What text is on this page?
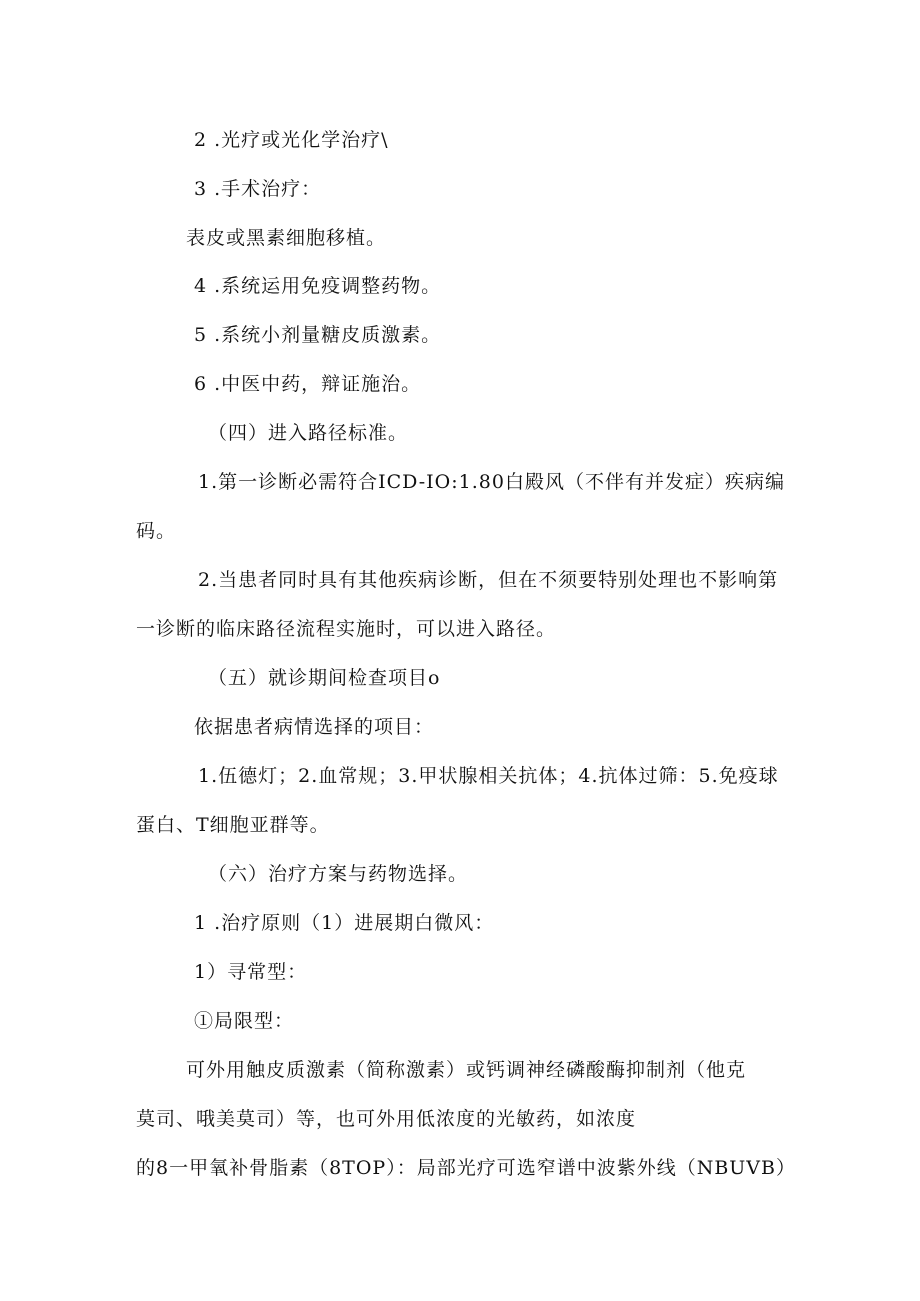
2 .光疗或光化学治疗\
3 .手术治疗：
表皮或黑素细胞移植。
4 .系统运用免疫调整药物。
5 .系统小剂量糖皮质激素。
6 .中医中药，辩证施治。
（四）进入路径标准。
1.第一诊断必需符合ICD-IO:1.80白殿风（不伴有并发症）疾病编
码。
2.当患者同时具有其他疾病诊断，但在不须要特别处理也不影响第
一诊断的临床路径流程实施时，可以进入路径。
（五）就诊期间检查项目o
依据患者病情选择的项目：
1.伍德灯；2.血常规；3.甲状腺相关抗体；4.抗体过筛：5.免疫球
蛋白、T细胞亚群等。
（六）治疗方案与药物选择。
1 .治疗原则（1）进展期白微风：
1）寻常型：
①局限型：
可外用触皮质激素（简称激素）或钙调神经磷酸酶抑制剂（他克
莫司、哦美莫司）等，也可外用低浓度的光敏药，如浓度
的8一甲氧补骨脂素（8TOP）：局部光疗可选窄谱中波紫外线（NBUVB）
